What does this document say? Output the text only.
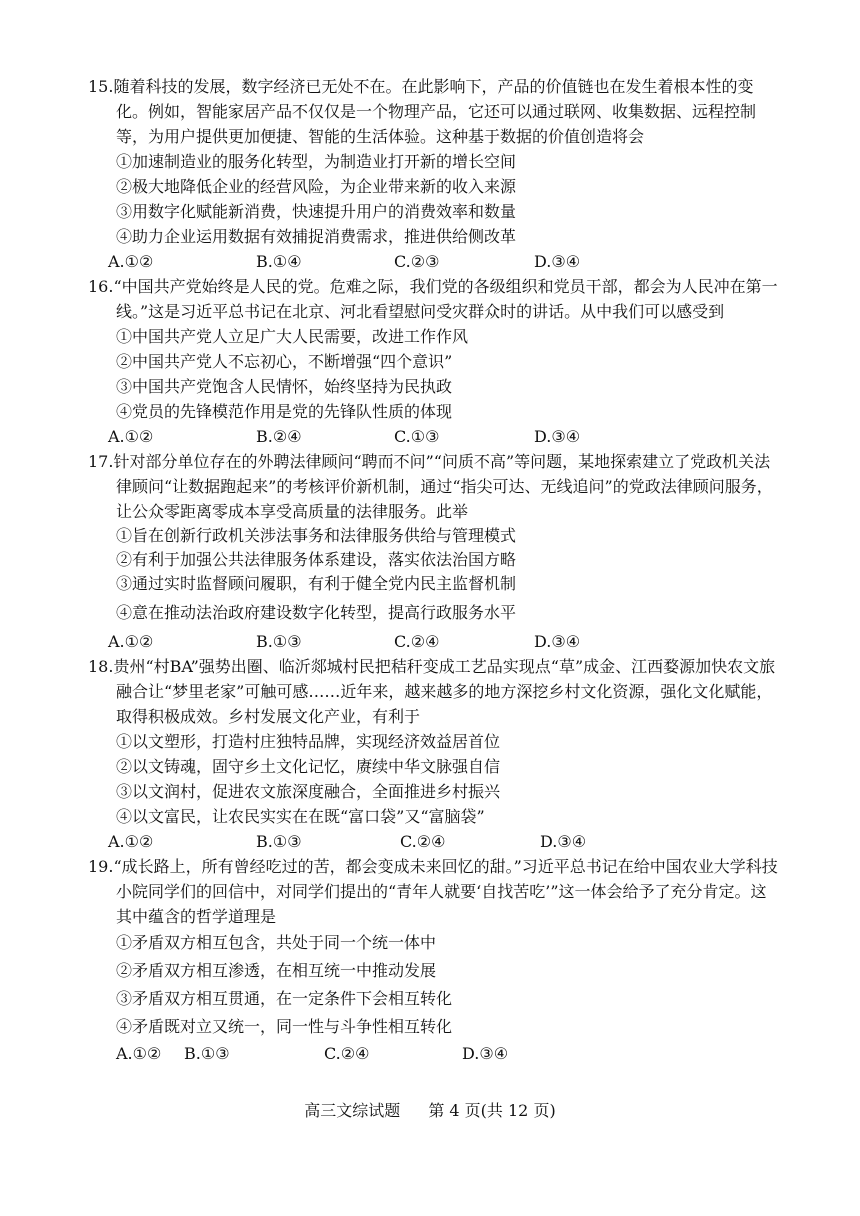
15.随着科技的发展，数字经济已无处不在。在此影响下，产品的价值链也在发生着根本性的变化。例如，智能家居产品不仅仅是一个物理产品，它还可以通过联网、收集数据、远程控制等，为用户提供更加便捷、智能的生活体验。这种基于数据的价值创造将会

①加速制造业的服务化转型，为制造业打开新的增长空间

②极大地降低企业的经营风险，为企业带来新的收入来源

③用数字化赋能新消费，快速提升用户的消费效率和数量

④助力企业运用数据有效捕捉消费需求，推进供给侧改革

A.①②	B.①④	C.②③	D.③④

16.“中国共产党始终是人民的党。危难之际，我们党的各级组织和党员干部，都会为人民冲在第一线。”这是习近平总书记在北京、河北看望慰问受灾群众时的讲话。从中我们可以感受到

①中国共产党人立足广大人民需要，改进工作作风

②中国共产党人不忘初心，不断增强“四个意识”

③中国共产党饱含人民情怀，始终坚持为民执政

④党员的先锋模范作用是党的先锋队性质的体现

A.①②	B.②④	C.①③	D.③④

17.针对部分单位存在的外聘法律顾问“聘而不问”“问质不高”等问题，某地探索建立了党政机关法律顾问“让数据跑起来”的考核评价新机制，通过“指尖可达、无线追问”的党政法律顾问服务，让公众零距离零成本享受高质量的法律服务。此举

①旨在创新行政机关涉法事务和法律服务供给与管理模式

②有利于加强公共法律服务体系建设，落实依法治国方略

③通过实时监督顾问履职，有利于健全党内民主监督机制

④意在推动法治政府建设数字化转型，提高行政服务水平

A.①②	B.①③	C.②④	D.③④

18.贵州“村BA”强势出圈、临沂郯城村民把秸秆变成工艺品实现点“草”成金、江西婺源加快农文旅融合让“梦里老家”可触可感……近年来，越来越多的地方深挖乡村文化资源，强化文化赋能，取得积极成效。乡村发展文化产业，有利于

①以文塑形，打造村庄独特品牌，实现经济效益居首位

②以文铸魂，固守乡土文化记忆，赓续中华文脉强自信

③以文润村，促进农文旅深度融合，全面推进乡村振兴

④以文富民，让农民实实在在既“富口袋”又“富脑袋”

A.①②	B.①③	C.②④	D.③④

19.“成长路上，所有曾经吃过的苦，都会变成未来回忆的甜。”习近平总书记在给中国农业大学科技小院同学们的回信中，对同学们提出的“青年人就要‘自找苦吃’”这一体会给予了充分肯定。这其中蕴含的哲学道理是

①矛盾双方相互包含，共处于同一个统一体中

②矛盾双方相互渗透，在相互统一中推动发展

③矛盾双方相互贯通，在一定条件下会相互转化

④矛盾既对立又统一，同一性与斗争性相互转化

A.①② B.①③	C.②④	D.③④
高三文综试题 第 4 页(共 12 页)
